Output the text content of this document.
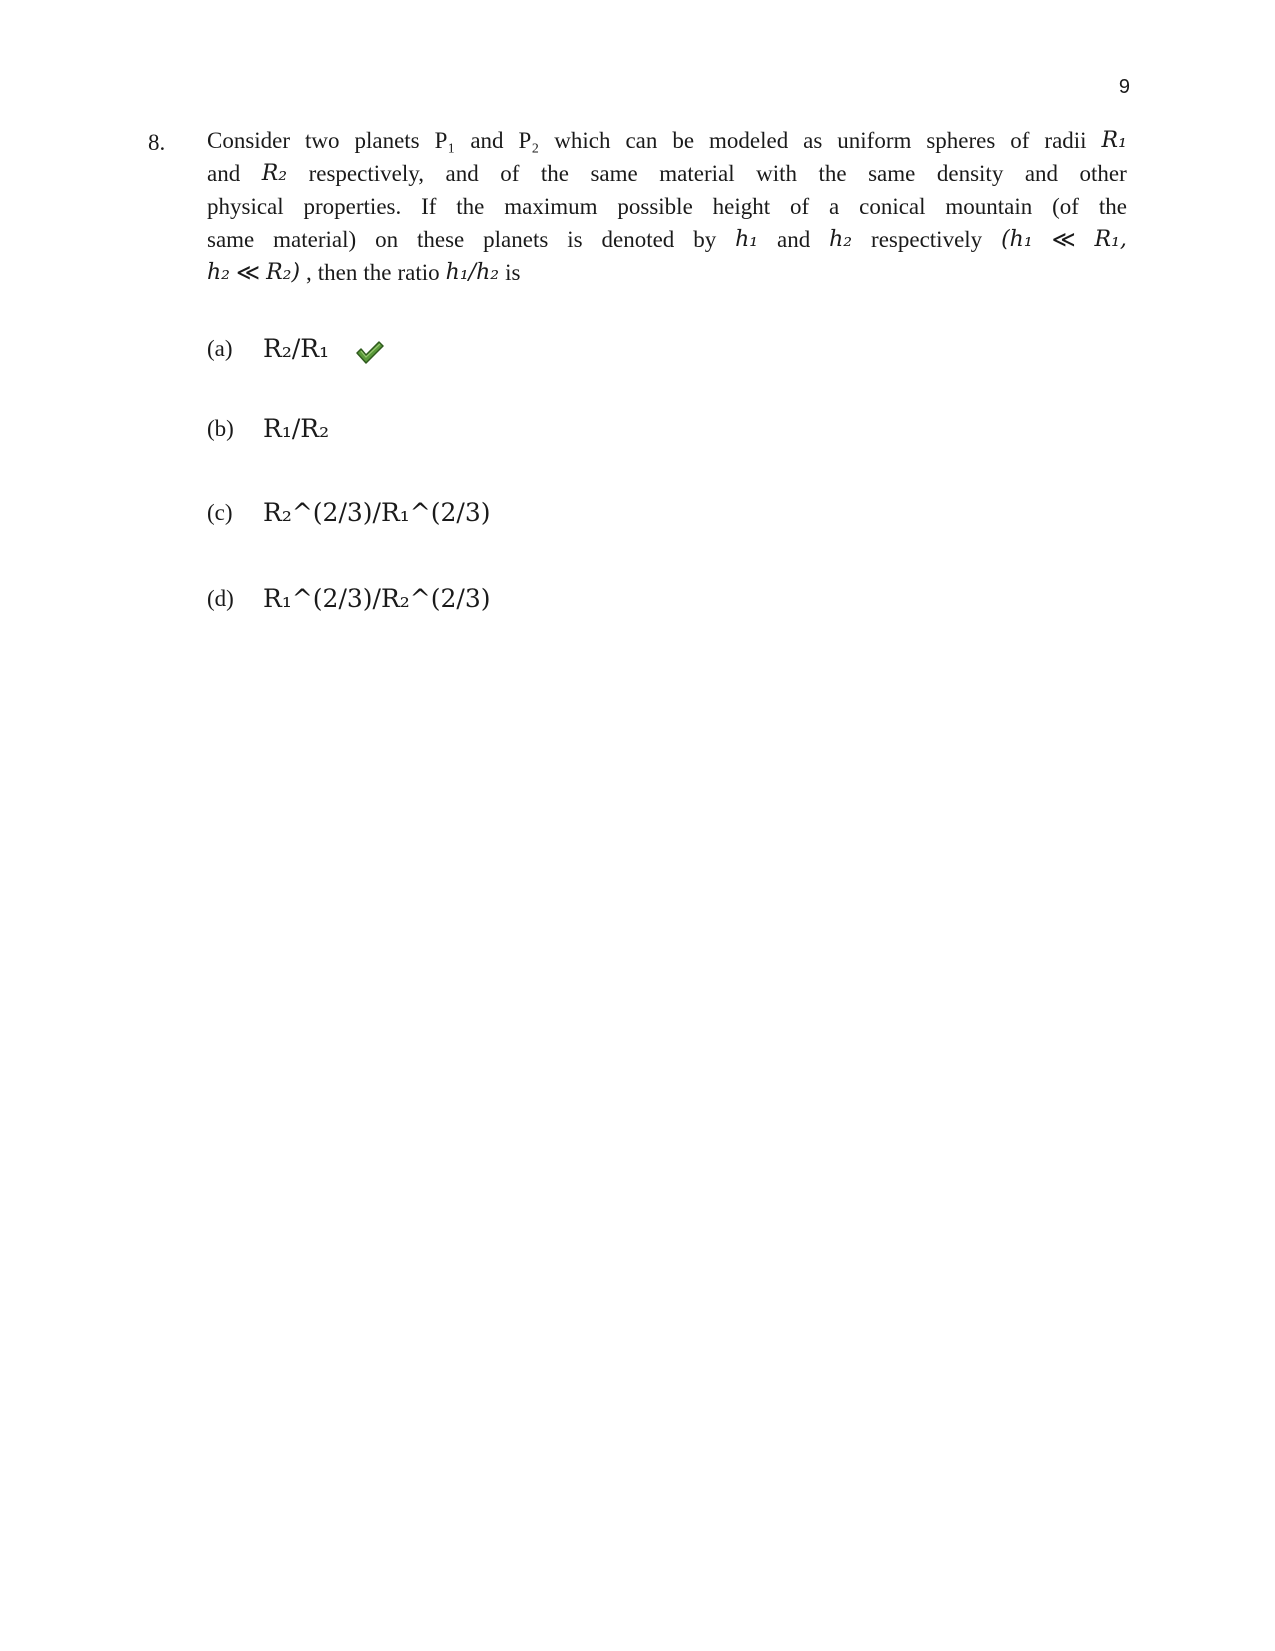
9
8. Consider two planets P₁ and P₂ which can be modeled as uniform spheres of radii R₁
and R₂ respectively, and of the same material with the same density and other
physical properties. If the maximum possible height of a conical mountain (of the
same material) on these planets is denoted by h₁ and h₂ respectively (h₁ ≪ R₁,
h₂ ≪ R₂) , then the ratio h₁/h₂ is
(a)	R₂/R₁
(b)	R₁/R₂
(c)	R₂^(2/3)/R₁^(2/3)
(d)	R₁^(2/3)/R₂^(2/3)
